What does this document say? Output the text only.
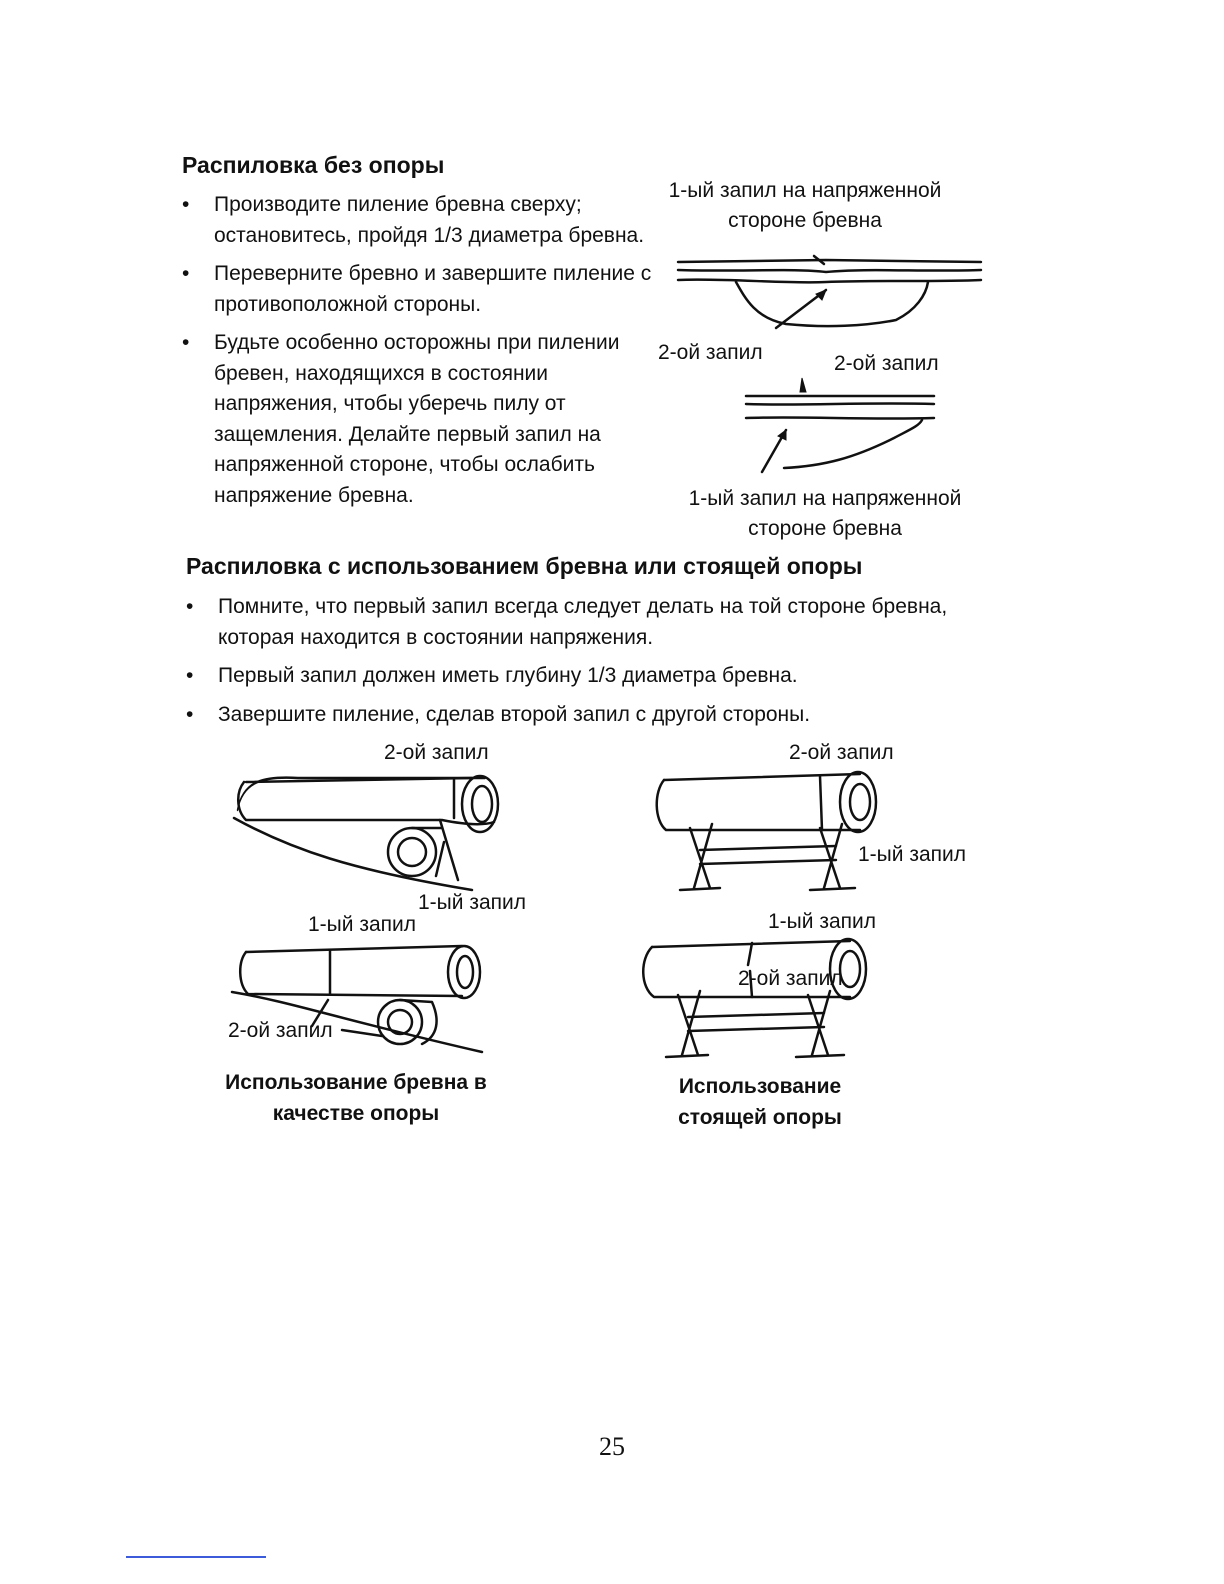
Распиловка без опоры
• Производите пиление бревна сверху; остановитесь, пройдя 1/3 диаметра бревна.
• Переверните бревно и завершите пиление с противоположной стороны.
• Будьте особенно осторожны при пилении бревен, находящихся в состоянии напряжения, чтобы уберечь пилу от защемления. Делайте первый запил на напряженной стороне, чтобы ослабить напряжение бревна.
1-ый запил на напряженной
стороне бревна
2-ой запил	2-ой запил
1-ый запил на напряженной
стороне бревна
Распиловка с использованием бревна или стоящей опоры
• Помните, что первый запил всегда следует делать на той стороне бревна, которая находится в состоянии напряжения.
• Первый запил должен иметь глубину 1/3 диаметра бревна.
• Завершите пиление, сделав второй запил с другой стороны.
2-ой запил
1-ый запил
1-ый запил
2-ой запил
Использование бревна в
качестве опоры
2-ой запил
1-ый запил
1-ый запил
2-ой запил
Использование
стоящей опоры
25
